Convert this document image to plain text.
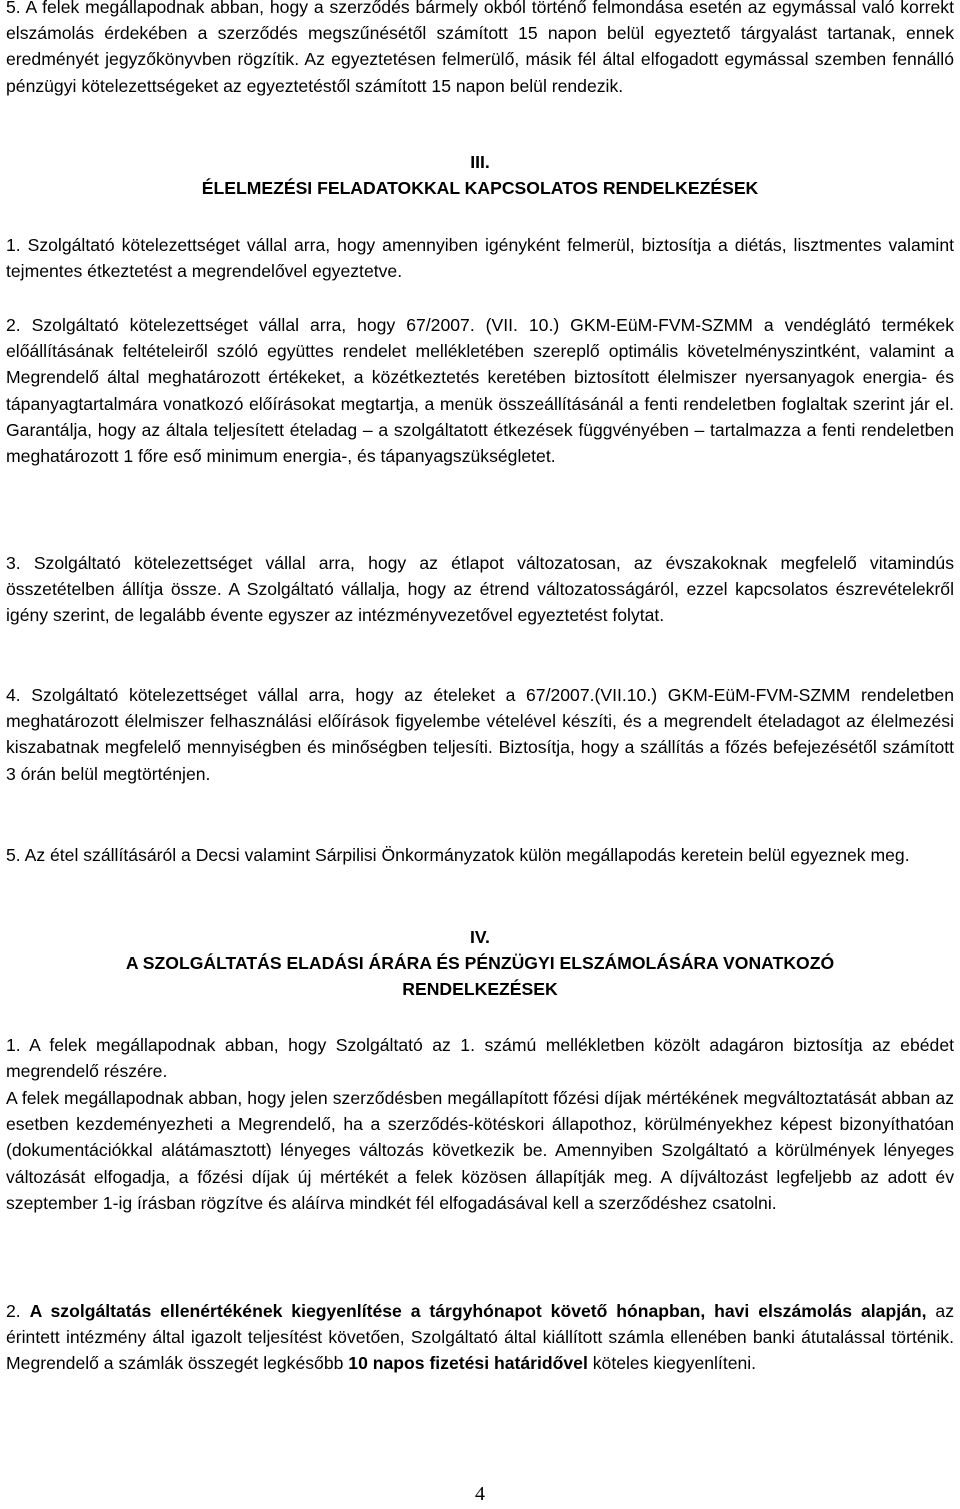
5. A felek megállapodnak abban, hogy a szerződés bármely okból történő felmondása esetén az egymással való korrekt elszámolás érdekében a szerződés megszűnésétől számított 15 napon belül egyeztető tárgyalást tartanak, ennek eredményét jegyzőkönyvben rögzítik. Az egyeztetésen felmerülő, másik fél által elfogadott egymással szemben fennálló pénzügyi kötelezettségeket az egyeztetéstől számított 15 napon belül rendezik.

III.

ÉLELMEZÉSI FELADATOKKAL KAPCSOLATOS RENDELKEZÉSEK

1. Szolgáltató kötelezettséget vállal arra, hogy amennyiben igényként felmerül, biztosítja a diétás, lisztmentes valamint tejmentes étkeztetést a megrendelővel egyeztetve.

2. Szolgáltató kötelezettséget vállal arra, hogy 67/2007. (VII. 10.) GKM-EüM-FVM-SZMM a vendéglátó termékek előállításának feltételeiről szóló együttes rendelet mellékletében szereplő optimális követelményszintként, valamint a Megrendelő által meghatározott értékeket, a közétkeztetés keretében biztosított élelmiszer nyersanyagok energia- és tápanyagtartalmára vonatkozó előírásokat megtartja, a menük összeállításánál a fenti rendeletben foglaltak szerint jár el. Garantálja, hogy az általa teljesített ételadag – a szolgáltatott étkezések függvényében – tartalmazza a fenti rendeletben meghatározott 1 főre eső minimum energia-, és tápanyagszükségletet.

3. Szolgáltató kötelezettséget vállal arra, hogy az étlapot változatosan, az évszakoknak megfelelő vitamindús összetételben állítja össze. A Szolgáltató vállalja, hogy az étrend változatosságáról, ezzel kapcsolatos észrevételekről igény szerint, de legalább évente egyszer az intézményvezetővel egyeztetést folytat.

4. Szolgáltató kötelezettséget vállal arra, hogy az ételeket a 67/2007.(VII.10.) GKM-EüM-FVM-SZMM rendeletben meghatározott élelmiszer felhasználási előírások figyelembe vételével készíti, és a megrendelt ételadagot az élelmezési kiszabatnak megfelelő mennyiségben és minőségben teljesíti. Biztosítja, hogy a szállítás a főzés befejezésétől számított 3 órán belül megtörténjen.

5. Az étel szállításáról a Decsi valamint Sárpilisi Önkormányzatok külön megállapodás keretein belül egyeznek meg.

IV.

A SZOLGÁLTATÁS ELADÁSI ÁRÁRA ÉS PÉNZÜGYI ELSZÁMOLÁSÁRA VONATKOZÓ RENDELKEZÉSEK

1. A felek megállapodnak abban, hogy Szolgáltató az 1. számú mellékletben közölt adagáron biztosítja az ebédet megrendelő részére.

A felek megállapodnak abban, hogy jelen szerződésben megállapított főzési díjak mértékének megváltoztatását abban az esetben kezdeményezheti a Megrendelő, ha a szerződés-kötéskori állapothoz, körülményekhez képest bizonyíthatóan (dokumentációkkal alátámasztott) lényeges változás következik be. Amennyiben Szolgáltató a körülmények lényeges változását elfogadja, a főzési díjak új mértékét a felek közösen állapítják meg. A díjváltozást legfeljebb az adott év szeptember 1-ig írásban rögzítve és aláírva mindkét fél elfogadásával kell a szerződéshez csatolni.

2. A szolgáltatás ellenértékének kiegyenlítése a tárgyhónapot követő hónapban, havi elszámolás alapján, az érintett intézmény által igazolt teljesítést követően, Szolgáltató által kiállított számla ellenében banki átutalással történik. Megrendelő a számlák összegét legkésőbb 10 napos fizetési határidővel köteles kiegyenlíteni.

4
